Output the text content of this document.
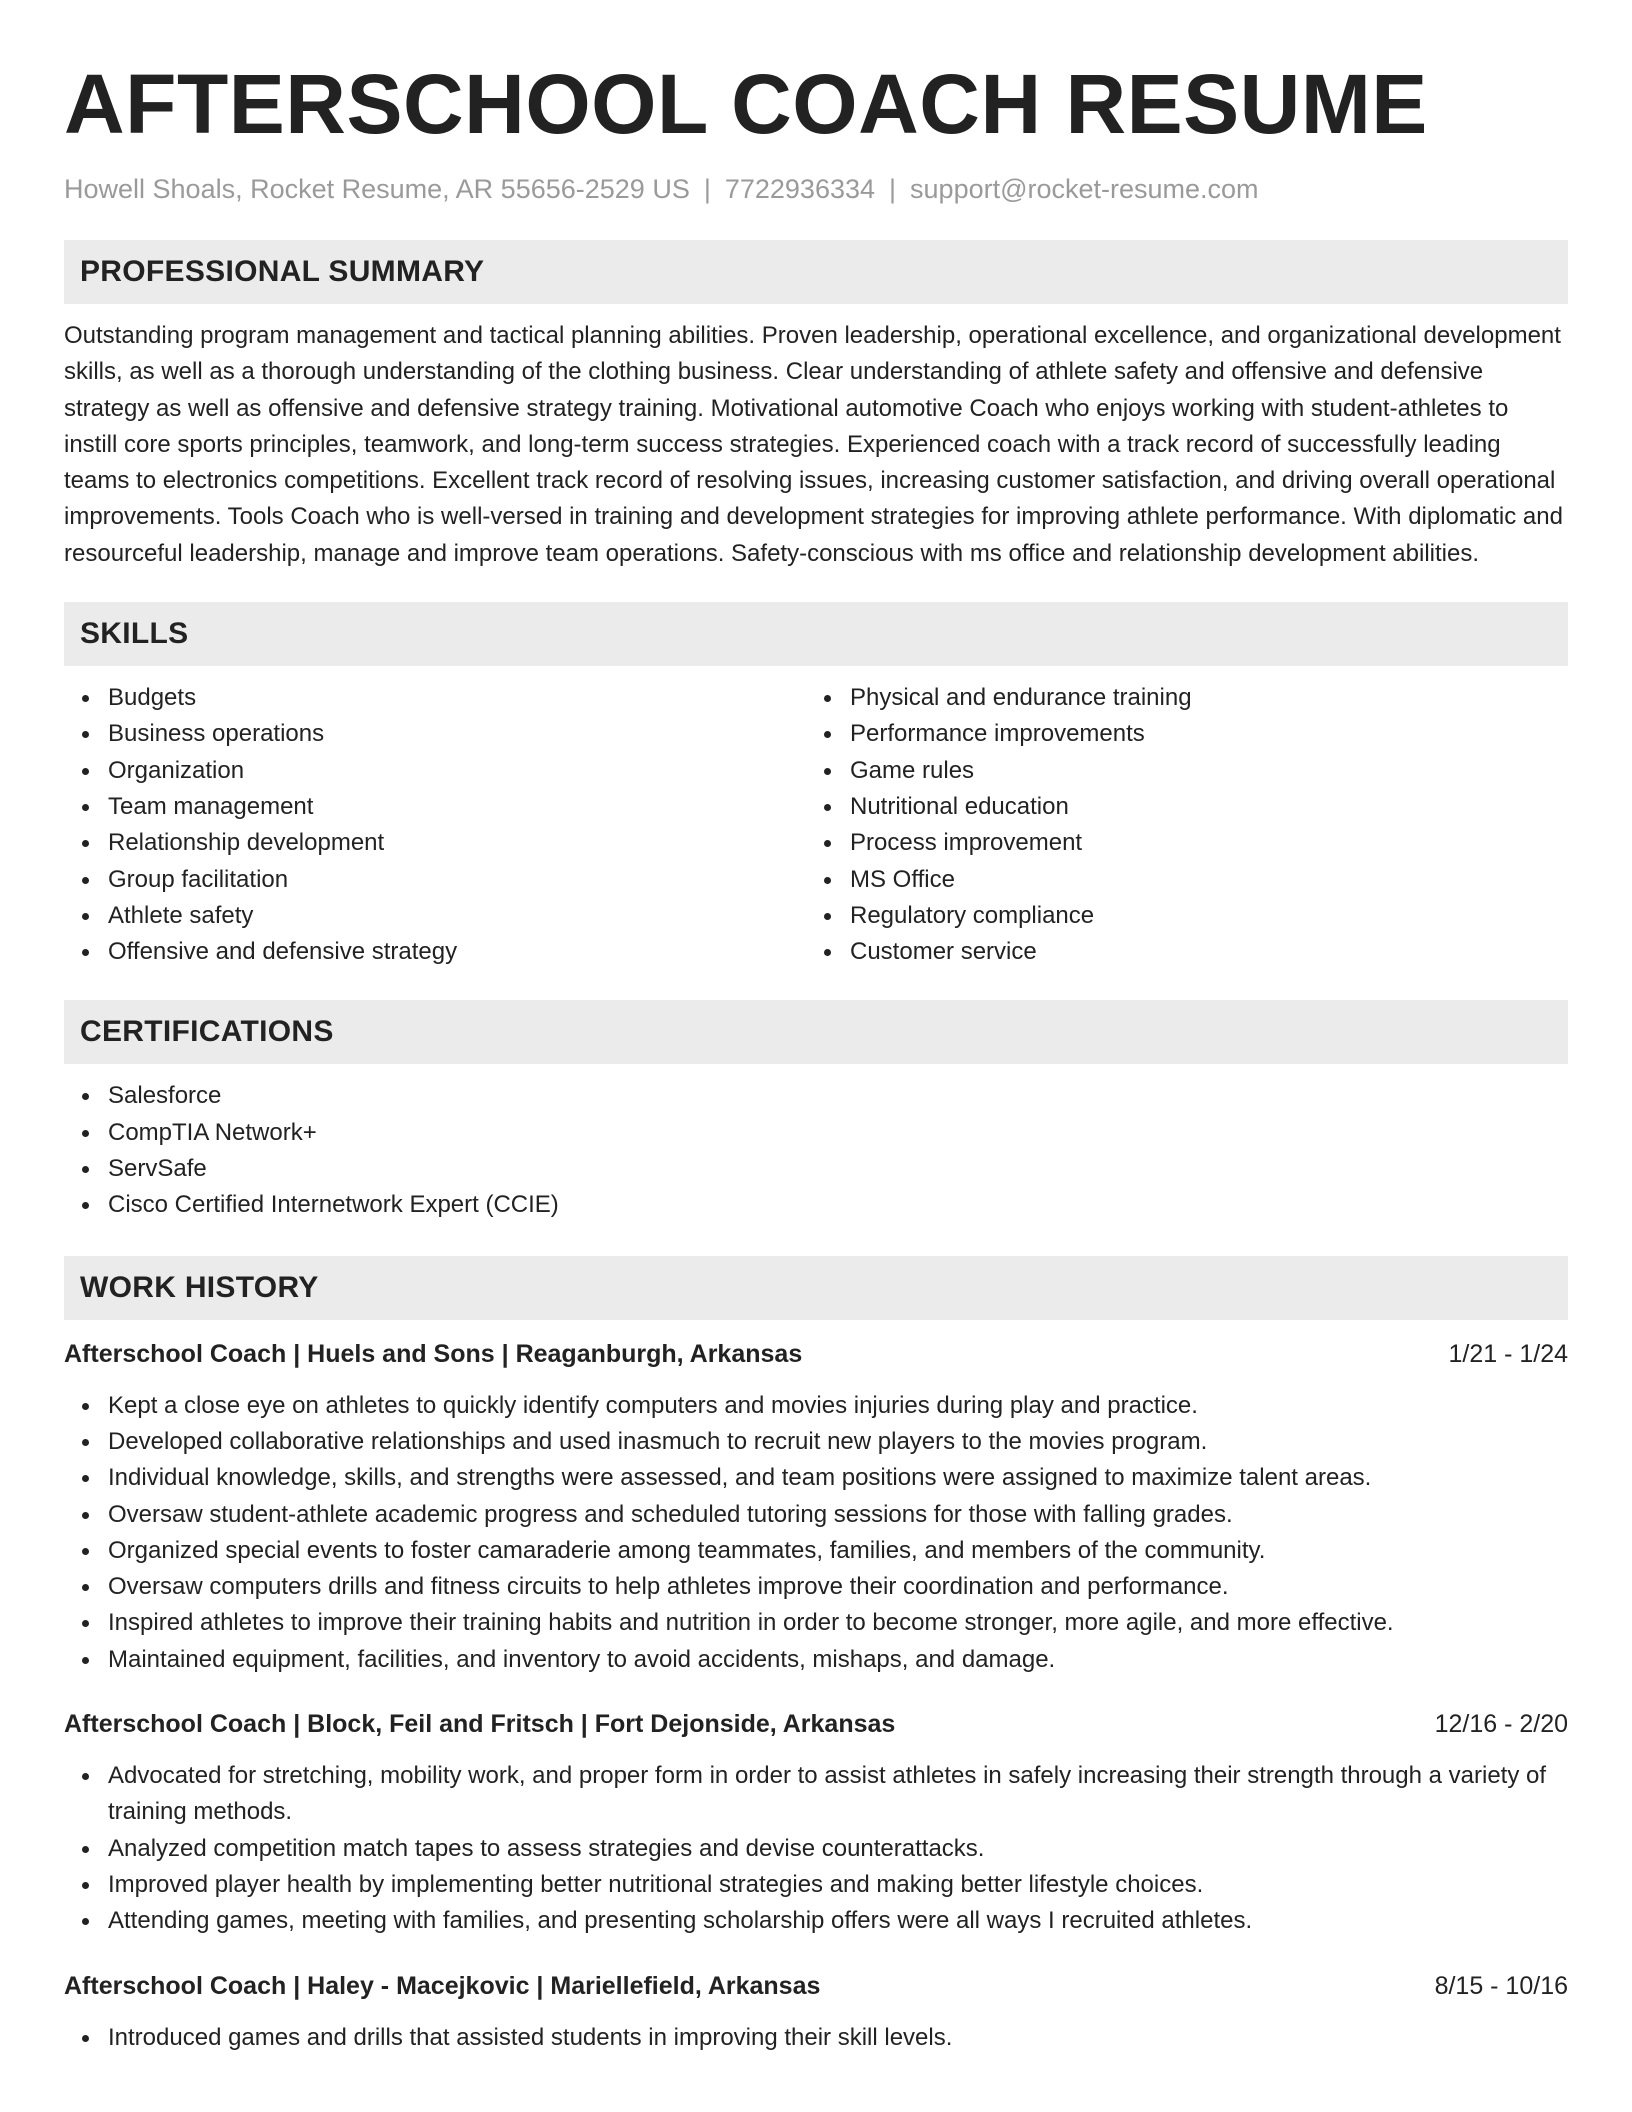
AFTERSCHOOL COACH RESUME
Howell Shoals, Rocket Resume, AR 55656-2529 US | 7722936334 | support@rocket-resume.com
PROFESSIONAL SUMMARY
Outstanding program management and tactical planning abilities. Proven leadership, operational excellence, and organizational development skills, as well as a thorough understanding of the clothing business. Clear understanding of athlete safety and offensive and defensive strategy as well as offensive and defensive strategy training. Motivational automotive Coach who enjoys working with student-athletes to instill core sports principles, teamwork, and long-term success strategies. Experienced coach with a track record of successfully leading teams to electronics competitions. Excellent track record of resolving issues, increasing customer satisfaction, and driving overall operational improvements. Tools Coach who is well-versed in training and development strategies for improving athlete performance. With diplomatic and resourceful leadership, manage and improve team operations. Safety-conscious with ms office and relationship development abilities.
SKILLS
Budgets
Business operations
Organization
Team management
Relationship development
Group facilitation
Athlete safety
Offensive and defensive strategy
Physical and endurance training
Performance improvements
Game rules
Nutritional education
Process improvement
MS Office
Regulatory compliance
Customer service
CERTIFICATIONS
Salesforce
CompTIA Network+
ServSafe
Cisco Certified Internetwork Expert (CCIE)
WORK HISTORY
Afterschool Coach | Huels and Sons | Reaganburgh, Arkansas	1/21 - 1/24
Kept a close eye on athletes to quickly identify computers and movies injuries during play and practice.
Developed collaborative relationships and used inasmuch to recruit new players to the movies program.
Individual knowledge, skills, and strengths were assessed, and team positions were assigned to maximize talent areas.
Oversaw student-athlete academic progress and scheduled tutoring sessions for those with falling grades.
Organized special events to foster camaraderie among teammates, families, and members of the community.
Oversaw computers drills and fitness circuits to help athletes improve their coordination and performance.
Inspired athletes to improve their training habits and nutrition in order to become stronger, more agile, and more effective.
Maintained equipment, facilities, and inventory to avoid accidents, mishaps, and damage.
Afterschool Coach | Block, Feil and Fritsch | Fort Dejonside, Arkansas	12/16 - 2/20
Advocated for stretching, mobility work, and proper form in order to assist athletes in safely increasing their strength through a variety of training methods.
Analyzed competition match tapes to assess strategies and devise counterattacks.
Improved player health by implementing better nutritional strategies and making better lifestyle choices.
Attending games, meeting with families, and presenting scholarship offers were all ways I recruited athletes.
Afterschool Coach | Haley - Macejkovic | Mariellefield, Arkansas	8/15 - 10/16
Introduced games and drills that assisted students in improving their skill levels.
